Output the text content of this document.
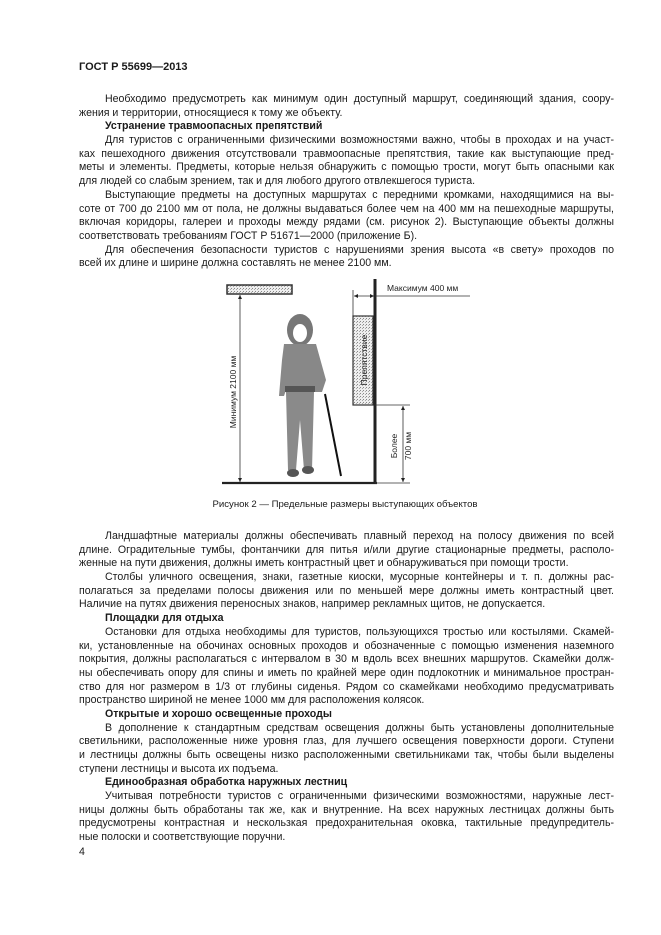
ГОСТ Р 55699—2013
Необходимо предусмотреть как минимум один доступный маршрут, соединяющий здания, соору-
жения и территории, относящиеся к тому же объекту.
Устранение травмоопасных препятствий
Для туристов с ограниченными физическими возможностями важно, чтобы в проходах и на участ-
ках пешеходного движения отсутствовали травмоопасные препятствия, такие как выступающие пред-
меты и элементы. Предметы, которые нельзя обнаружить с помощью трости, могут быть опасными как
для людей со слабым зрением, так и для любого другого отвлекшегося туриста.
Выступающие предметы на доступных маршрутах с передними кромками, находящимися на вы-
соте от 700 до 2100 мм от пола, не должны выдаваться более чем на 400 мм на пешеходные маршруты,
включая коридоры, галереи и проходы между рядами (см. рисунок 2). Выступающие объекты должны
соответствовать требованиям ГОСТ Р 51671—2000 (приложение Б).
Для обеспечения безопасности туристов с нарушениями зрения высота «в свету» проходов по
всей их длине и ширине должна составлять не менее 2100 мм.
Минимум 2100 мм
Максимум 400 мм
Препятствие
Более 700 мм
Рисунок 2 — Предельные размеры выступающих объектов
Ландшафтные материалы должны обеспечивать плавный переход на полосу движения по всей
длине. Оградительные тумбы, фонтанчики для питья и/или другие стационарные предметы, располо-
женные на пути движения, должны иметь контрастный цвет и обнаруживаться при помощи трости.
Столбы уличного освещения, знаки, газетные киоски, мусорные контейнеры и т. п. должны рас-
полагаться за пределами полосы движения или по меньшей мере должны иметь контрастный цвет.
Наличие на путях движения переносных знаков, например рекламных щитов, не допускается.
Площадки для отдыха
Остановки для отдыха необходимы для туристов, пользующихся тростью или костылями. Скамей-
ки, установленные на обочинах основных проходов и обозначенные с помощью изменения наземного
покрытия, должны располагаться с интервалом в 30 м вдоль всех внешних маршрутов. Скамейки долж-
ны обеспечивать опору для спины и иметь по крайней мере один подлокотник и минимальное простран-
ство для ног размером в 1/3 от глубины сиденья. Рядом со скамейками необходимо предусматривать
пространство шириной не менее 1000 мм для расположения колясок.
Открытые и хорошо освещенные проходы
В дополнение к стандартным средствам освещения должны быть установлены дополнительные
светильники, расположенные ниже уровня глаз, для лучшего освещения поверхности дороги. Ступени
и лестницы должны быть освещены низко расположенными светильниками так, чтобы были выделены
ступени лестницы и высота их подъема.
Единообразная обработка наружных лестниц
Учитывая потребности туристов с ограниченными физическими возможностями, наружные лест-
ницы должны быть обработаны так же, как и внутренние. На всех наружных лестницах должны быть
предусмотрены контрастная и нескользкая предохранительная оковка, тактильные предупредитель-
ные полоски и соответствующие поручни.
4
